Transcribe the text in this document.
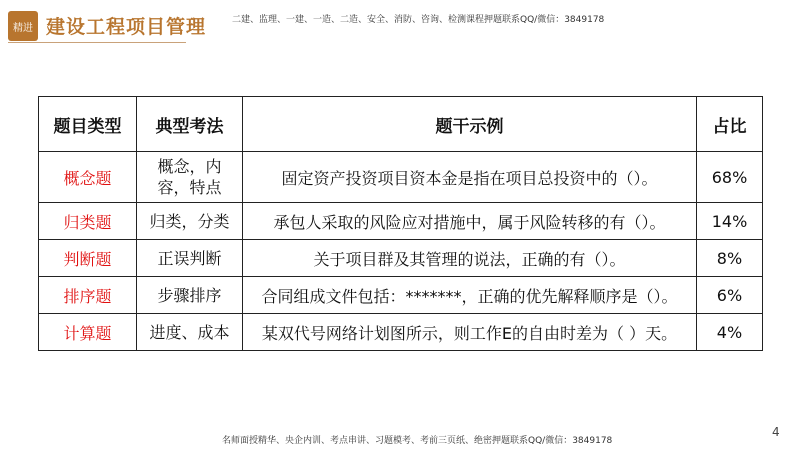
精进 建设工程项目管理	二建、监理、一建、一造、二造、安全、消防、咨询、检测课程押题联系QQ/微信：3849178
题目类型	典型考法	题干示例	占比
概念题	概念，内容，特点	固定资产投资项目资本金是指在项目总投资中的（）。	68%
归类题	归类，分类	承包人采取的风险应对措施中，属于风险转移的有（）。	14%
判断题	正误判断	关于项目群及其管理的说法，正确的有（）。	8%
排序题	步骤排序	合同组成文件包括：*******，正确的优先解释顺序是（）。	6%
计算题	进度、成本	某双代号网络计划图所示，则工作E的自由时差为（ ）天。	4%
名师面授精华、央企内训、考点串讲、习题模考、考前三页纸、绝密押题联系QQ/微信：3849178
4
